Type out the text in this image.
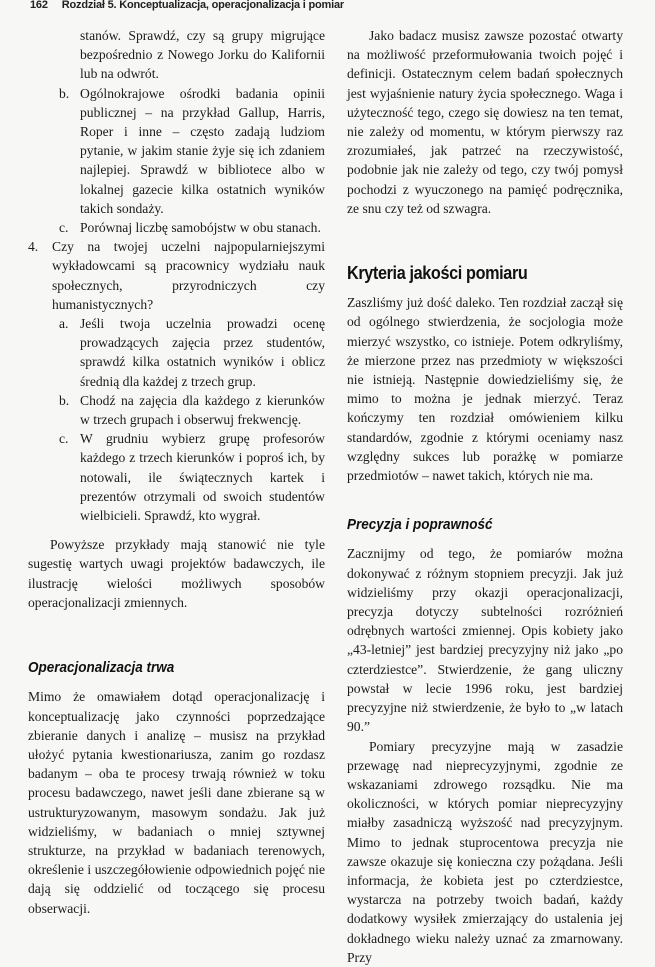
162 Rozdział 5. Konceptualizacja, operacjonalizacja i pomiar

stanów. Sprawdź, czy są grupy migrujące bezpośrednio z Nowego Jorku do Kalifornii lub na odwrót.

b. Ogólnokrajowe ośrodki badania opinii publicznej – na przykład Gallup, Harris, Roper i inne – często zadają ludziom pytanie, w jakim stanie żyje się ich zdaniem najlepiej. Sprawdź w bibliotece albo w lokalnej gazecie kilka ostatnich wyników takich sondaży.

c. Porównaj liczbę samobójstw w obu stanach.

4. Czy na twojej uczelni najpopularniejszymi wykładowcami są pracownicy wydziału nauk społecznych, przyrodniczych czy humanistycznych?

a. Jeśli twoja uczelnia prowadzi ocenę prowadzących zajęcia przez studentów, sprawdź kilka ostatnich wyników i oblicz średnią dla każdej z trzech grup.

b. Chodź na zajęcia dla każdego z kierunków w trzech grupach i obserwuj frekwencję.

c. W grudniu wybierz grupę profesorów każdego z trzech kierunków i poproś ich, by notowali, ile świątecznych kartek i prezentów otrzymali od swoich studentów wielbicieli. Sprawdź, kto wygrał.

Powyższe przykłady mają stanowić nie tyle sugestię wartych uwagi projektów badawczych, ile ilustrację wielości możliwych sposobów operacjonalizacji zmiennych.

Operacjonalizacja trwa

Mimo że omawiałem dotąd operacjonalizację i konceptualizację jako czynności poprzedzające zbieranie danych i analizę – musisz na przykład ułożyć pytania kwestionariusza, zanim go rozdasz badanym – oba te procesy trwają również w toku procesu badawczego, nawet jeśli dane zbierane są w ustrukturyzowanym, masowym sondażu. Jak już widzieliśmy, w badaniach o mniej sztywnej strukturze, na przykład w badaniach terenowych, określenie i uszczegółowienie odpowiednich pojęć nie dają się oddzielić od toczącego się procesu obserwacji.

Jako badacz musisz zawsze pozostać otwarty na możliwość przeformułowania twoich pojęć i definicji. Ostatecznym celem badań społecznych jest wyjaśnienie natury życia społecznego. Waga i użyteczność tego, czego się dowiesz na ten temat, nie zależy od momentu, w którym pierwszy raz zrozumiałeś, jak patrzeć na rzeczywistość, podobnie jak nie zależy od tego, czy twój pomysł pochodzi z wyuczonego na pamięć podręcznika, ze snu czy też od szwagra.

Kryteria jakości pomiaru

Zaszliśmy już dość daleko. Ten rozdział zaczął się od ogólnego stwierdzenia, że socjologia może mierzyć wszystko, co istnieje. Potem odkryliśmy, że mierzone przez nas przedmioty w większości nie istnieją. Następnie dowiedzieliśmy się, że mimo to można je jednak mierzyć. Teraz kończymy ten rozdział omówieniem kilku standardów, zgodnie z którymi oceniamy nasz względny sukces lub porażkę w pomiarze przedmiotów – nawet takich, których nie ma.

Precyzja i poprawność

Zacznijmy od tego, że pomiarów można dokonywać z różnym stopniem precyzji. Jak już widzieliśmy przy okazji operacjonalizacji, precyzja dotyczy subtelności rozróżnień odrębnych wartości zmiennej. Opis kobiety jako „43-letniej” jest bardziej precyzyjny niż jako „po czterdziestce”. Stwierdzenie, że gang uliczny powstał w lecie 1996 roku, jest bardziej precyzyjne niż stwierdzenie, że było to „w latach 90.”

Pomiary precyzyjne mają w zasadzie przewagę nad nieprecyzyjnymi, zgodnie ze wskazaniami zdrowego rozsądku. Nie ma okoliczności, w których pomiar nieprecyzyjny miałby zasadniczą wyższość nad precyzyjnym. Mimo to jednak stuprocentowa precyzja nie zawsze okazuje się konieczna czy pożądana. Jeśli informacja, że kobieta jest po czterdziestce, wystarcza na potrzeby twoich badań, każdy dodatkowy wysiłek zmierzający do ustalenia jej dokładnego wieku należy uznać za zmarnowany. Przy
